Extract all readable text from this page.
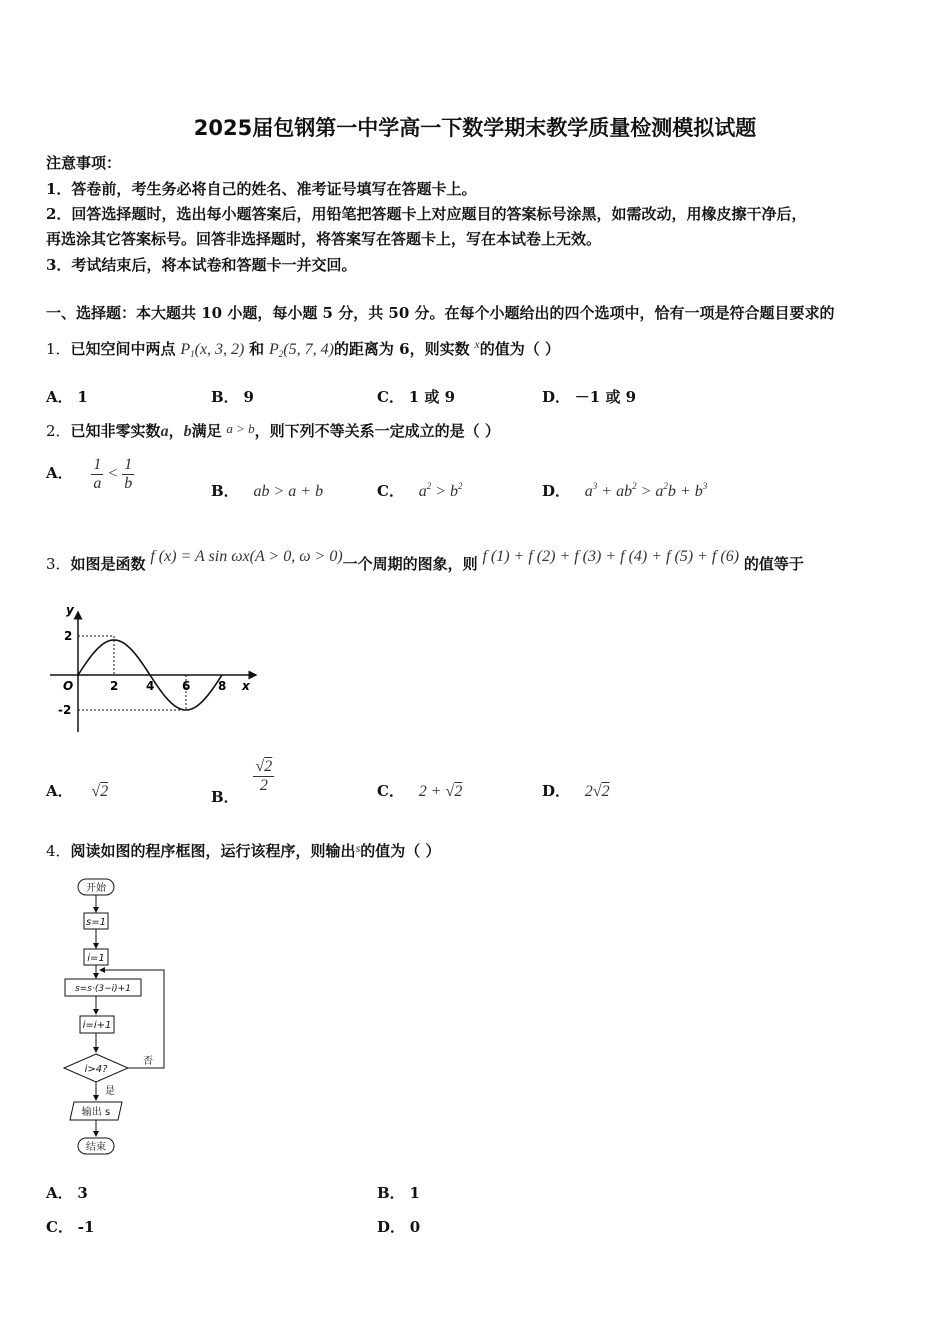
2025届包钢第一中学高一下数学期末教学质量检测模拟试题
注意事项：
1．答卷前，考生务必将自己的姓名、准考证号填写在答题卡上。
2．回答选择题时，选出每小题答案后，用铅笔把答题卡上对应题目的答案标号涂黑，如需改动，用橡皮擦干净后，
再选涂其它答案标号。回答非选择题时，将答案写在答题卡上，写在本试卷上无效。
3．考试结束后，将本试卷和答题卡一并交回。
一、选择题：本大题共 10 小题，每小题 5 分，共 50 分。在每个小题给出的四个选项中，恰有一项是符合题目要求的
1．已知空间中两点 $P_1(x$, 3, 2) 和 $P_2(5$, 7, 4)的距离为 6，则实数 $^x$的值为（ ）
A． 1	B． 9	C． 1 或 9	D． －1 或 9
2．已知非零实数a，b满足 a > b，则下列不等关系一定成立的是（ ）
A． $\frac{1}{a} < \frac{1}{b}$	B． ab > a + b	C． $a^2 > b^2$	D． $a^3 + ab^2 > a^2b + b^3$
3．如图是函数 f (x) = A sin ωx(A > 0, ω > 0)一个周期的图象，则 f (1) + f (2) + f (3) + f (4) + f (5) + f (6) 的值等于
y
x
O	2 4 6 8
2
-2
A． √2	B．
$\frac{√2}{2}$	C． 2 + √2	D． 2√2
4．阅读如图的程序框图，运行该程序，则输出$^s$的值为（ ）
开始
s=1
i=1
s=s·(3−i)+1
i=i+1
i>4?
否
是
输出 s
结束
A． 3	B． 1
C． -1	D． 0
